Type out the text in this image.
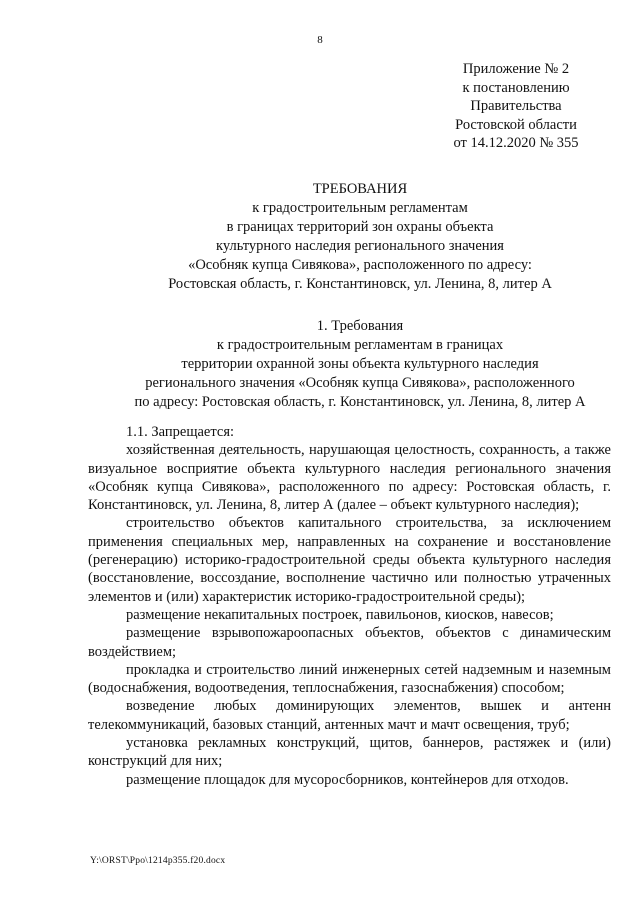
8
Приложение № 2
к постановлению
Правительства
Ростовской области
от 14.12.2020 № 355
ТРЕБОВАНИЯ
к градостроительным регламентам
в границах территорий зон охраны объекта
культурного наследия регионального значения
«Особняк купца Сивякова», расположенного по адресу:
Ростовская область, г. Константиновск, ул. Ленина, 8, литер А
1. Требования
к градостроительным регламентам в границах
территории охранной зоны объекта культурного наследия
регионального значения «Особняк купца Сивякова», расположенного
по адресу: Ростовская область, г. Константиновск, ул. Ленина, 8, литер А

1.1. Запрещается:

хозяйственная деятельность, нарушающая целостность, сохранность, а также визуальное восприятие объекта культурного наследия регионального значения «Особняк купца Сивякова», расположенного по адресу: Ростовская область, г. Константиновск, ул. Ленина, 8, литер А (далее – объект культурного наследия);

строительство объектов капитального строительства, за исключением применения специальных мер, направленных на сохранение и восстановление (регенерацию) историко-градостроительной среды объекта культурного наследия (восстановление, воссоздание, восполнение частично или полностью утраченных элементов и (или) характеристик историко-градостроительной среды);

размещение некапитальных построек, павильонов, киосков, навесов;

размещение взрывопожароопасных объектов, объектов с динамическим воздействием;

прокладка и строительство линий инженерных сетей надземным и наземным (водоснабжения, водоотведения, теплоснабжения, газоснабжения) способом;

возведение любых доминирующих элементов, вышек и антенн телекоммуникаций, базовых станций, антенных мачт и мачт освещения, труб;

установка рекламных конструкций, щитов, баннеров, растяжек и (или) конструкций для них;

размещение площадок для мусоросборников, контейнеров для отходов.

Y:\ORST\Ppo\1214p355.f20.docx
